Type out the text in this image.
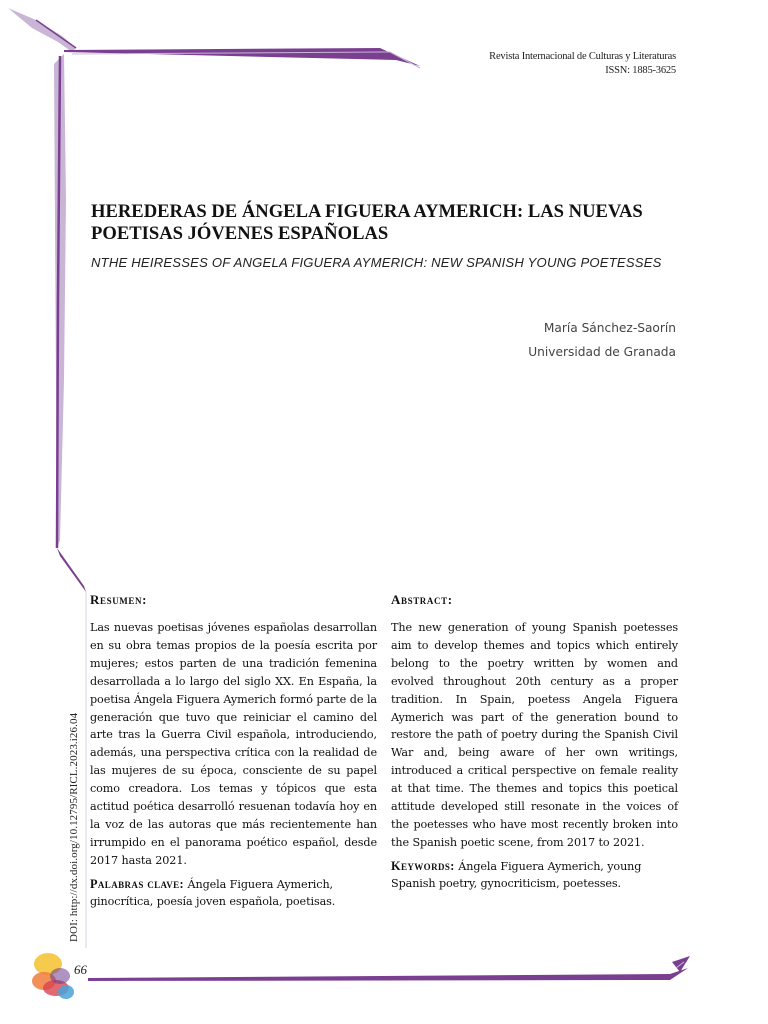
Revista Internacional de Culturas y Literaturas
ISSN: 1885-3625
HEREDERAS DE ÁNGELA FIGUERA AYMERICH: LAS NUEVAS POETISAS JÓVENES ESPAÑOLAS

NTHE HEIRESSES OF ANGELA FIGUERA AYMERICH: NEW SPANISH YOUNG POETESSES

María Sánchez-Saorín
Universidad de Granada
Resumen:

Las nuevas poetisas jóvenes españolas desarrollan en su obra temas propios de la poesía escrita por mujeres; estos parten de una tradición femenina desarrollada a lo largo del siglo XX. En España, la poetisa Ángela Figuera Aymerich formó parte de la generación que tuvo que reiniciar el camino del arte tras la Guerra Civil española, introduciendo, además, una perspectiva crítica con la realidad de las mujeres de su época, consciente de su papel como creadora. Los temas y tópicos que esta actitud poética desarrolló resuenan todavía hoy en la voz de las autoras que más recientemente han irrumpido en el panorama poético español, desde 2017 hasta 2021.

Palabras clave: Ángela Figuera Aymerich, ginocrítica, poesía joven española, poetisas.

Abstract:

The new generation of young Spanish poetesses aim to develop themes and topics which entirely belong to the poetry written by women and evolved throughout 20th century as a proper tradition. In Spain, poetess Angela Figuera Aymerich was part of the generation bound to restore the path of poetry during the Spanish Civil War and, being aware of her own writings, introduced a critical perspective on female reality at that time. The themes and topics this poetical attitude developed still resonate in the voices of the poetesses who have most recently broken into the Spanish poetic scene, from 2017 to 2021.

Keywords: Ángela Figuera Aymerich, young Spanish poetry, gynocriticism, poetesses.

DOI: http://dx.doi.org/10.12795/RICL.2023.i26.04
66
